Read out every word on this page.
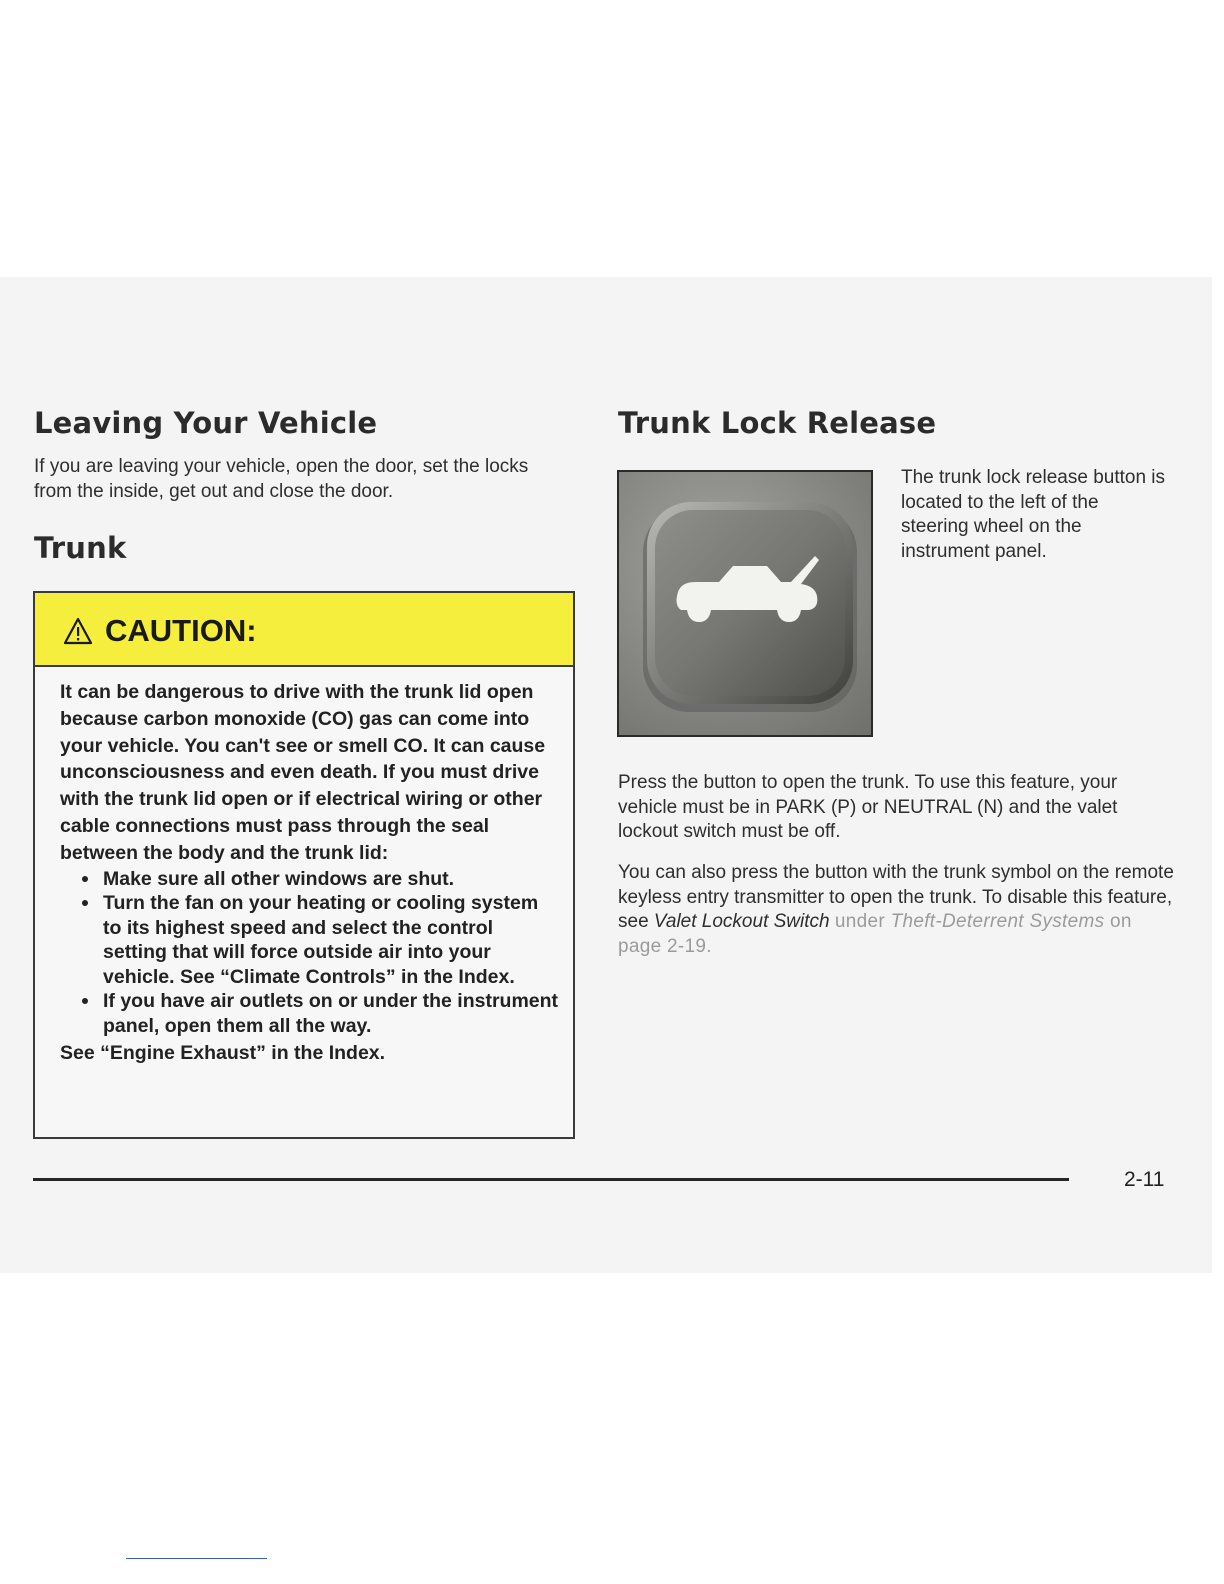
Leaving Your Vehicle

If you are leaving your vehicle, open the door, set the locks from the inside, get out and close the door.

Trunk
CAUTION:

It can be dangerous to drive with the trunk lid open because carbon monoxide (CO) gas can come into your vehicle. You can't see or smell CO. It can cause unconsciousness and even death. If you must drive with the trunk lid open or if electrical wiring or other cable connections must pass through the seal between the body and the trunk lid:

Make sure all other windows are shut.
Turn the fan on your heating or cooling system to its highest speed and select the control setting that will force outside air into your vehicle. See “Climate Controls” in the Index.
If you have air outlets on or under the instrument panel, open them all the way.

See “Engine Exhaust” in the Index.

Trunk Lock Release

The trunk lock release button is located to the left of the steering wheel on the instrument panel.

Press the button to open the trunk. To use this feature, your vehicle must be in PARK (P) or NEUTRAL (N) and the valet lockout switch must be off.

You can also press the button with the trunk symbol on the remote keyless entry transmitter to open the trunk. To disable this feature, see Valet Lockout Switch under Theft-Deterrent Systems on page 2-19.

2-11
